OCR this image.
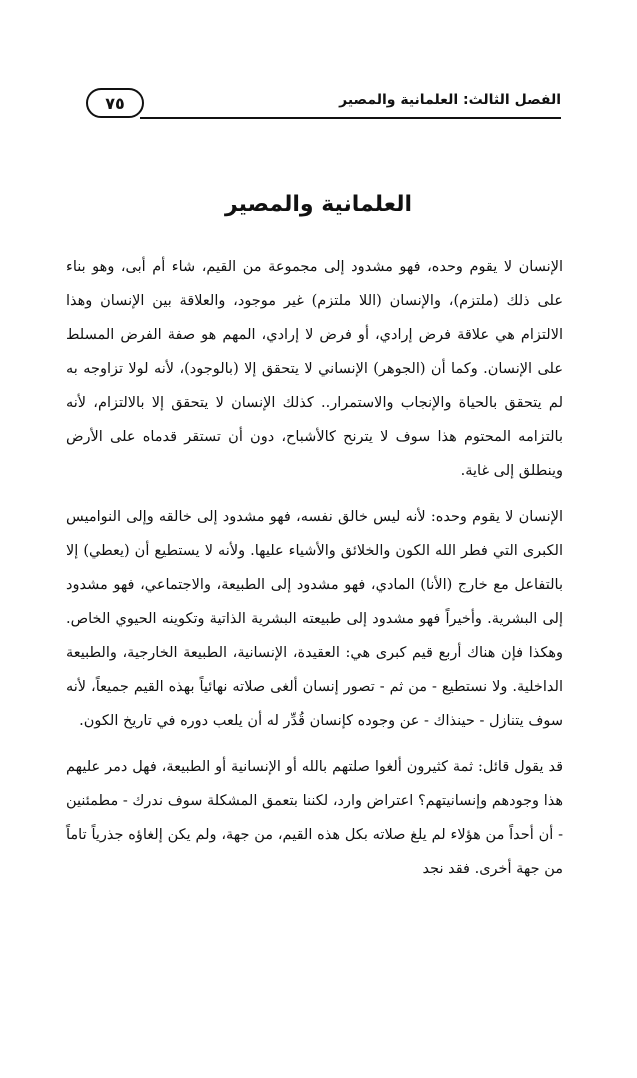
٧٥	الفصل الثالث: العلمانية والمصير
العلمانية والمصير

الإنسان لا يقوم وحده، فهو مشدود إلى مجموعة من القيم، شاء أم أبى، وهو بناء على ذلك (ملتزم)، والإنسان (اللا ملتزم) غير موجود، والعلاقة بين الإنسان وهذا الالتزام هي علاقة فرض إرادي، أو فرض لا إرادي، المهم هو صفة الفرض المسلط على الإنسان. وكما أن (الجوهر) الإنساني لا يتحقق إلا (بالوجود)، لأنه لولا تزاوجه به لم يتحقق بالحياة والإنجاب والاستمرار.. كذلك الإنسان لا يتحقق إلا بالالتزام، لأنه بالتزامه المحتوم هذا سوف لا يترنح كالأشباح، دون أن تستقر قدماه على الأرض وينطلق إلى غاية.

الإنسان لا يقوم وحده: لأنه ليس خالق نفسه، فهو مشدود إلى خالقه وإلى النواميس الكبرى التي فطر الله الكون والخلائق والأشياء عليها. ولأنه لا يستطيع أن (يعطي) إلا بالتفاعل مع خارج (الأنا) المادي، فهو مشدود إلى الطبيعة، والاجتماعي، فهو مشدود إلى البشرية. وأخيراً فهو مشدود إلى طبيعته البشرية الذاتية وتكوينه الحيوي الخاص. وهكذا فإن هناك أربع قيم كبرى هي: العقيدة، الإنسانية، الطبيعة الخارجية، والطبيعة الداخلية. ولا نستطيع - من ثم - تصور إنسان ألغى صلاته نهائياً بهذه القيم جميعاً، لأنه سوف يتنازل - حينذاك - عن وجوده كإنسان قُدِّر له أن يلعب دوره في تاريخ الكون.

قد يقول قائل: ثمة كثيرون ألغوا صلتهم بالله أو الإنسانية أو الطبيعة، فهل دمر عليهم هذا وجودهم وإنسانيتهم؟ اعتراض وارد، لكننا بتعمق المشكلة سوف ندرك - مطمئنين - أن أحداً من هؤلاء لم يلغ صلاته بكل هذه القيم، من جهة، ولم يكن إلغاؤه جذرياً تاماً من جهة أخرى. فقد نجد
